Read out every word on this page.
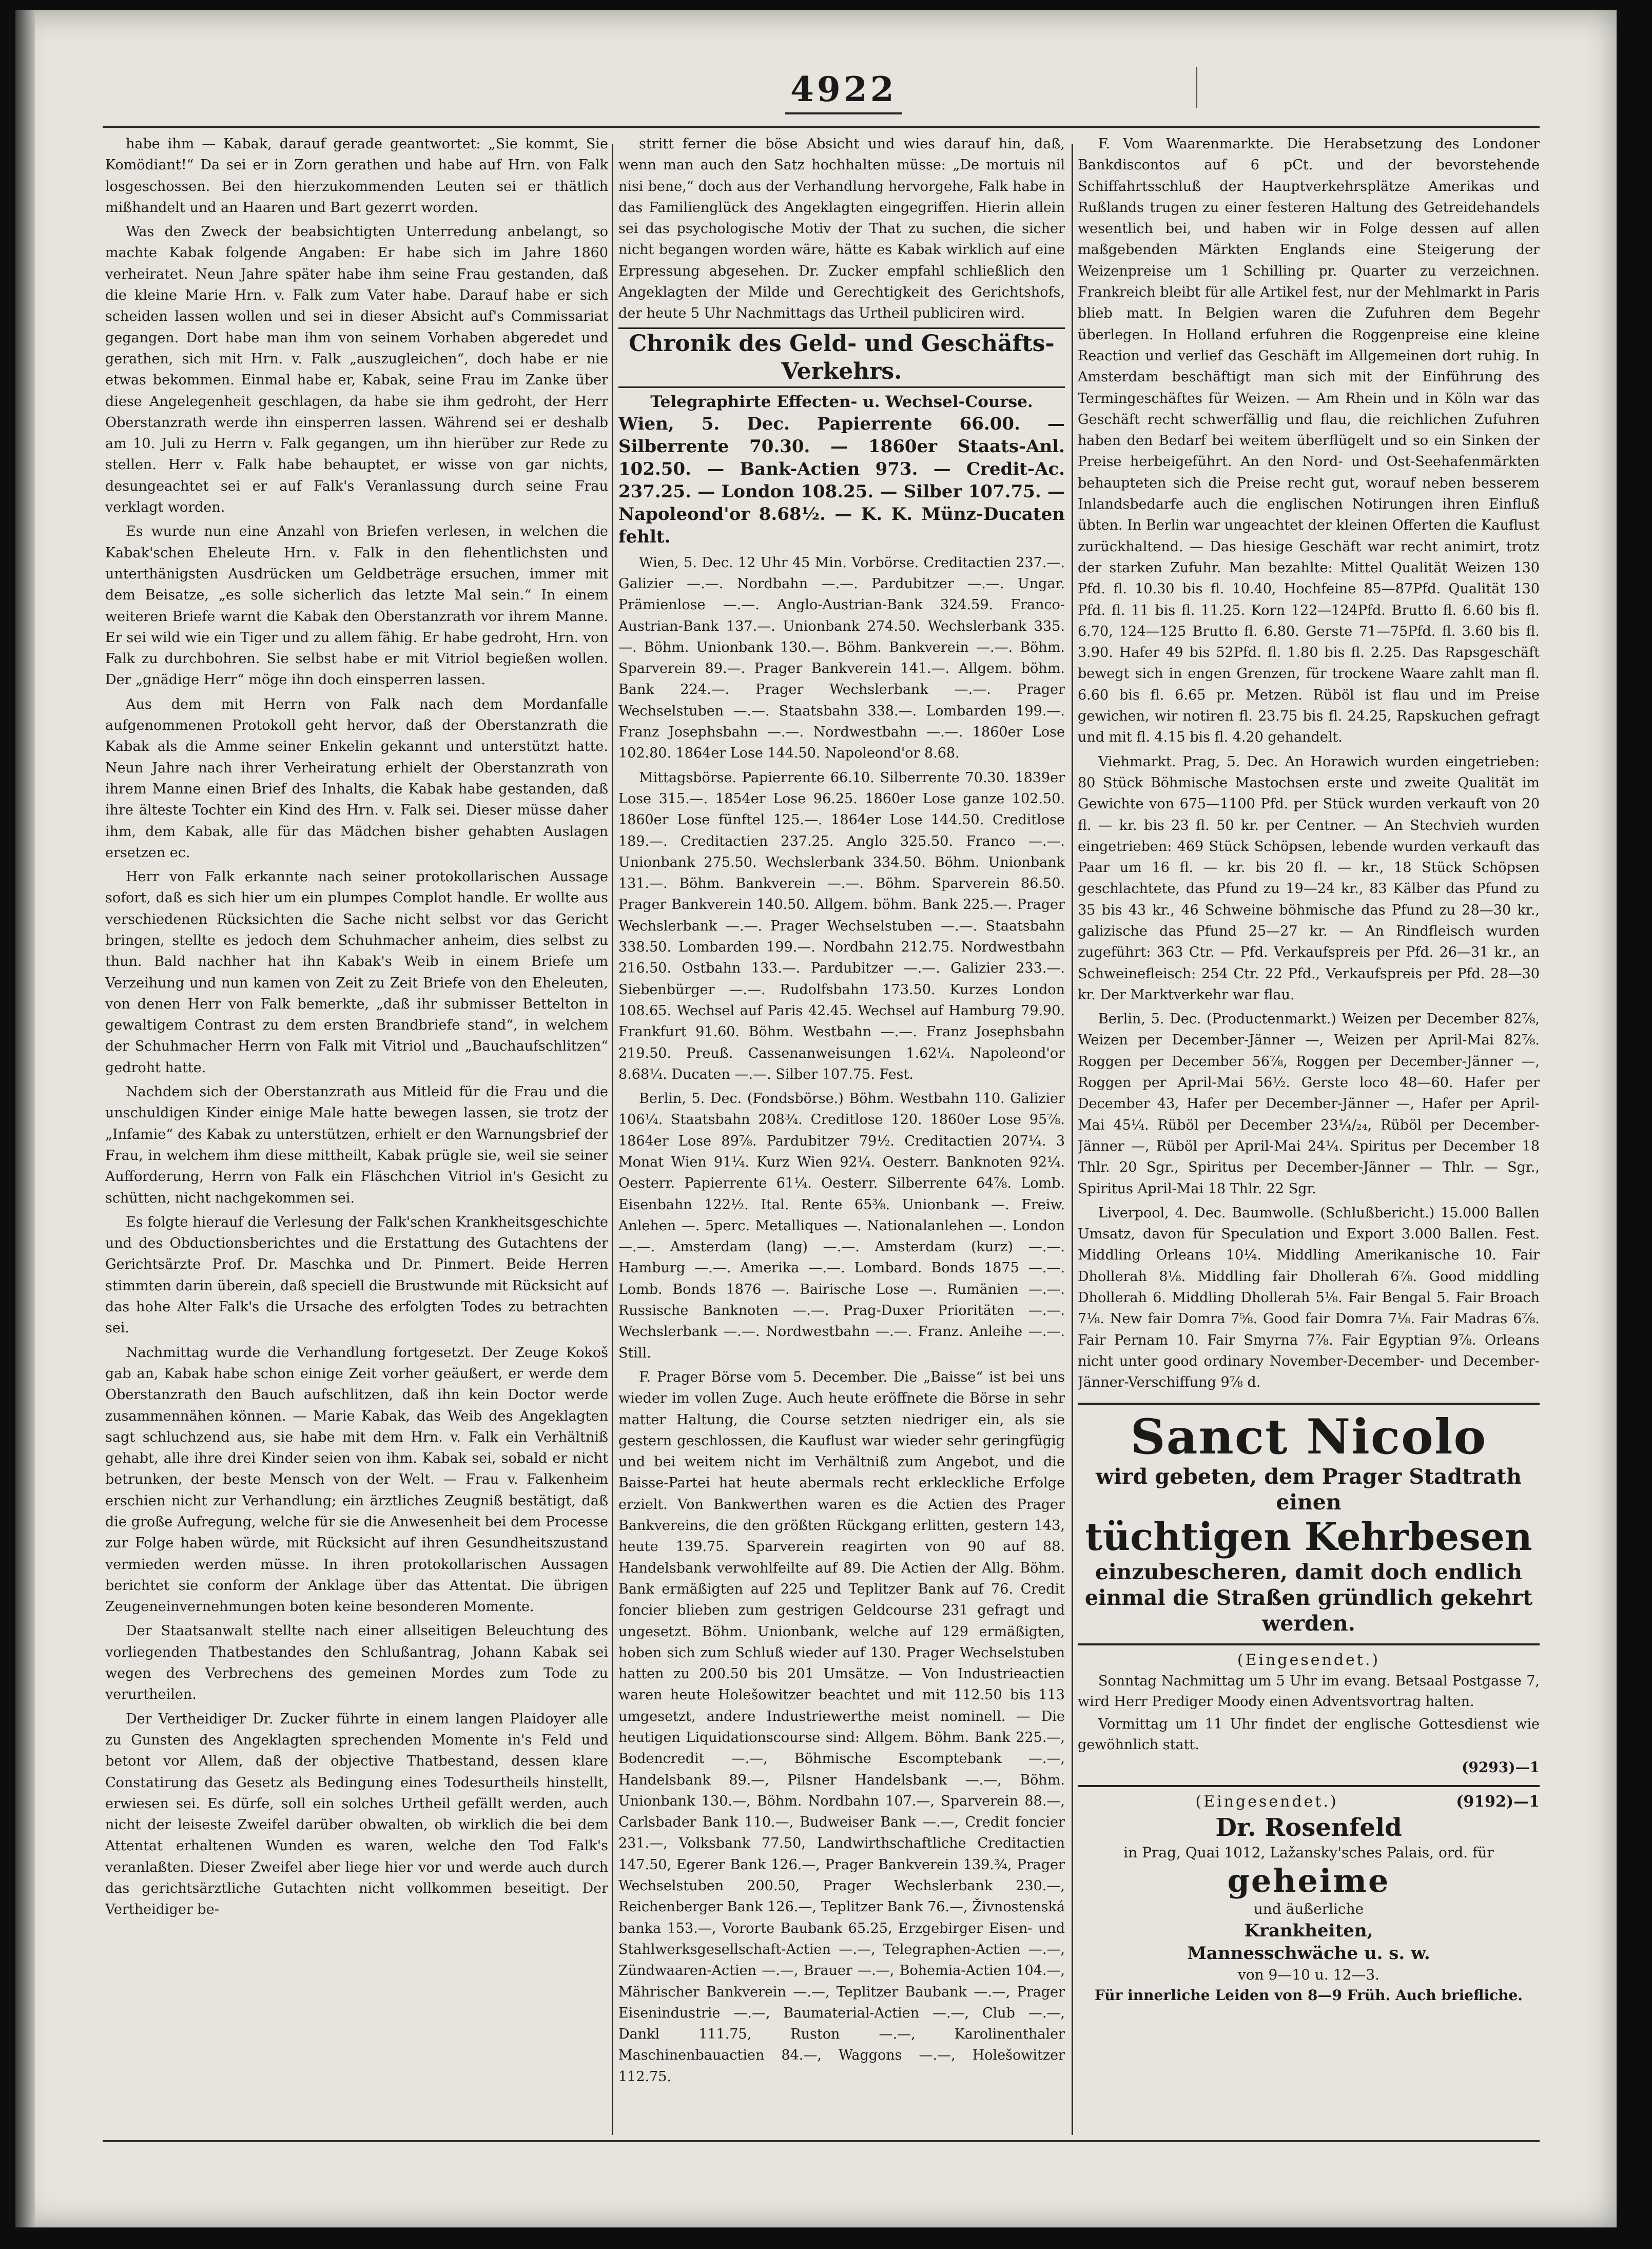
4922

habe ihm — Kabak, darauf gerade geantwortet: „Sie kommt, Sie Komödiant!“ Da sei er in Zorn gerathen und habe auf Hrn. von Falk losgeschossen. Bei den hierzukommenden Leuten sei er thätlich mißhandelt und an Haaren und Bart gezerrt worden.

Was den Zweck der beabsichtigten Unterredung anbelangt, so machte Kabak folgende Angaben: Er habe sich im Jahre 1860 verheiratet. Neun Jahre später habe ihm seine Frau gestanden, daß die kleine Marie Hrn. v. Falk zum Vater habe. Darauf habe er sich scheiden lassen wollen und sei in dieser Absicht auf's Commissariat gegangen. Dort habe man ihm von seinem Vorhaben abgeredet und gerathen, sich mit Hrn. v. Falk „auszugleichen“, doch habe er nie etwas bekommen. Einmal habe er, Kabak, seine Frau im Zanke über diese Angelegenheit geschlagen, da habe sie ihm gedroht, der Herr Oberstanzrath werde ihn einsperren lassen. Während sei er deshalb am 10. Juli zu Herrn v. Falk gegangen, um ihn hierüber zur Rede zu stellen. Herr v. Falk habe behauptet, er wisse von gar nichts, desungeachtet sei er auf Falk's Veranlassung durch seine Frau verklagt worden.

Es wurde nun eine Anzahl von Briefen verlesen, in welchen die Kabak'schen Eheleute Hrn. v. Falk in den flehentlichsten und unterthänigsten Ausdrücken um Geldbeträge ersuchen, immer mit dem Beisatze, „es solle sicherlich das letzte Mal sein.“ In einem weiteren Briefe warnt die Kabak den Oberstanzrath vor ihrem Manne. Er sei wild wie ein Tiger und zu allem fähig. Er habe gedroht, Hrn. von Falk zu durchbohren. Sie selbst habe er mit Vitriol begießen wollen. Der „gnädige Herr“ möge ihn doch einsperren lassen.

Aus dem mit Herrn von Falk nach dem Mordanfalle aufgenommenen Protokoll geht hervor, daß der Oberstanzrath die Kabak als die Amme seiner Enkelin gekannt und unterstützt hatte. Neun Jahre nach ihrer Verheiratung erhielt der Oberstanzrath von ihrem Manne einen Brief des Inhalts, die Kabak habe gestanden, daß ihre älteste Tochter ein Kind des Hrn. v. Falk sei. Dieser müsse daher ihm, dem Kabak, alle für das Mädchen bisher gehabten Auslagen ersetzen ec.

Herr von Falk erkannte nach seiner protokollarischen Aussage sofort, daß es sich hier um ein plumpes Complot handle. Er wollte aus verschiedenen Rücksichten die Sache nicht selbst vor das Gericht bringen, stellte es jedoch dem Schuhmacher anheim, dies selbst zu thun. Bald nachher hat ihn Kabak's Weib in einem Briefe um Verzeihung und nun kamen von Zeit zu Zeit Briefe von den Eheleuten, von denen Herr von Falk bemerkte, „daß ihr submisser Bettelton in gewaltigem Contrast zu dem ersten Brandbriefe stand“, in welchem der Schuhmacher Herrn von Falk mit Vitriol und „Bauchaufschlitzen“ gedroht hatte.

Nachdem sich der Oberstanzrath aus Mitleid für die Frau und die unschuldigen Kinder einige Male hatte bewegen lassen, sie trotz der „Infamie“ des Kabak zu unterstützen, erhielt er den Warnungsbrief der Frau, in welchem ihm diese mittheilt, Kabak prügle sie, weil sie seiner Aufforderung, Herrn von Falk ein Fläschchen Vitriol in's Gesicht zu schütten, nicht nachgekommen sei.

Es folgte hierauf die Verlesung der Falk'schen Krankheitsgeschichte und des Obductionsberichtes und die Erstattung des Gutachtens der Gerichtsärzte Prof. Dr. Maschka und Dr. Pinmert. Beide Herren stimmten darin überein, daß speciell die Brustwunde mit Rücksicht auf das hohe Alter Falk's die Ursache des erfolgten Todes zu betrachten sei.

Nachmittag wurde die Verhandlung fortgesetzt. Der Zeuge Kokoš gab an, Kabak habe schon einige Zeit vorher geäußert, er werde dem Oberstanzrath den Bauch aufschlitzen, daß ihn kein Doctor werde zusammennähen können. — Marie Kabak, das Weib des Angeklagten sagt schluchzend aus, sie habe mit dem Hrn. v. Falk ein Verhältniß gehabt, alle ihre drei Kinder seien von ihm. Kabak sei, sobald er nicht betrunken, der beste Mensch von der Welt. — Frau v. Falkenheim erschien nicht zur Verhandlung; ein ärztliches Zeugniß bestätigt, daß die große Aufregung, welche für sie die Anwesenheit bei dem Processe zur Folge haben würde, mit Rücksicht auf ihren Gesundheitszustand vermieden werden müsse. In ihren protokollarischen Aussagen berichtet sie conform der Anklage über das Attentat. Die übrigen Zeugeneinvernehmungen boten keine besonderen Momente.

Der Staatsanwalt stellte nach einer allseitigen Beleuchtung des vorliegenden Thatbestandes den Schlußantrag, Johann Kabak sei wegen des Verbrechens des gemeinen Mordes zum Tode zu verurtheilen.

Der Vertheidiger Dr. Zucker führte in einem langen Plaidoyer alle zu Gunsten des Angeklagten sprechenden Momente in's Feld und betont vor Allem, daß der objective Thatbestand, dessen klare Constatirung das Gesetz als Bedingung eines Todesurtheils hinstellt, erwiesen sei. Es dürfe, soll ein solches Urtheil gefällt werden, auch nicht der leiseste Zweifel darüber obwalten, ob wirklich die bei dem Attentat erhaltenen Wunden es waren, welche den Tod Falk's veranlaßten. Dieser Zweifel aber liege hier vor und werde auch durch das gerichtsärztliche Gutachten nicht vollkommen beseitigt. Der Vertheidiger be-

stritt ferner die böse Absicht und wies darauf hin, daß, wenn man auch den Satz hochhalten müsse: „De mortuis nil nisi bene,“ doch aus der Verhandlung hervorgehe, Falk habe in das Familienglück des Angeklagten eingegriffen. Hierin allein sei das psychologische Motiv der That zu suchen, die sicher nicht begangen worden wäre, hätte es Kabak wirklich auf eine Erpressung abgesehen. Dr. Zucker empfahl schließlich den Angeklagten der Milde und Gerechtigkeit des Gerichtshofs, der heute 5 Uhr Nachmittags das Urtheil publiciren wird.

Chronik des Geld- und Geschäfts-Verkehrs.
Telegraphirte Effecten- u. Wechsel-Course.
Wien, 5. Dec. Papierrente 66.00. — Silberrente 70.30. — 1860er Staats-Anl. 102.50. — Bank-Actien 973. — Credit-Ac. 237.25. — London 108.25. — Silber 107.75. — Napoleond'or 8.68½. — K. K. Münz-Ducaten fehlt.

Wien, 5. Dec. 12 Uhr 45 Min. Vorbörse. Creditactien 237.—. Galizier —.—. Nordbahn —.—. Pardubitzer —.—. Ungar. Prämienlose —.—. Anglo-Austrian-Bank 324.59. Franco-Austrian-Bank 137.—. Unionbank 274.50. Wechslerbank 335.—. Böhm. Unionbank 130.—. Böhm. Bankverein —.—. Böhm. Sparverein 89.—. Prager Bankverein 141.—. Allgem. böhm. Bank 224.—. Prager Wechslerbank —.—. Prager Wechselstuben —.—. Staatsbahn 338.—. Lombarden 199.—. Franz Josephsbahn —.—. Nordwestbahn —.—. 1860er Lose 102.80. 1864er Lose 144.50. Napoleond'or 8.68.

Mittagsbörse. Papierrente 66.10. Silberrente 70.30. 1839er Lose 315.—. 1854er Lose 96.25. 1860er Lose ganze 102.50. 1860er Lose fünftel 125.—. 1864er Lose 144.50. Creditlose 189.—. Creditactien 237.25. Anglo 325.50. Franco —.—. Unionbank 275.50. Wechslerbank 334.50. Böhm. Unionbank 131.—. Böhm. Bankverein —.—. Böhm. Sparverein 86.50. Prager Bankverein 140.50. Allgem. böhm. Bank 225.—. Prager Wechslerbank —.—. Prager Wechselstuben —.—. Staatsbahn 338.50. Lombarden 199.—. Nordbahn 212.75. Nordwestbahn 216.50. Ostbahn 133.—. Pardubitzer —.—. Galizier 233.—. Siebenbürger —.—. Rudolfsbahn 173.50. Kurzes London 108.65. Wechsel auf Paris 42.45. Wechsel auf Hamburg 79.90. Frankfurt 91.60. Böhm. Westbahn —.—. Franz Josephsbahn 219.50. Preuß. Cassenanweisungen 1.62¼. Napoleond'or 8.68¼. Ducaten —.—. Silber 107.75. Fest.

Berlin, 5. Dec. (Fondsbörse.) Böhm. Westbahn 110. Galizier 106¼. Staatsbahn 208¾. Creditlose 120. 1860er Lose 95⅞. 1864er Lose 89⅞. Pardubitzer 79½. Creditactien 207¼. 3 Monat Wien 91¼. Kurz Wien 92¼. Oesterr. Banknoten 92¼. Oesterr. Papierrente 61¼. Oesterr. Silberrente 64⅞. Lomb. Eisenbahn 122½. Ital. Rente 65⅜. Unionbank —. Freiw. Anlehen —. 5perc. Metalliques —. Nationalanlehen —. London —.—. Amsterdam (lang) —.—. Amsterdam (kurz) —.—. Hamburg —.—. Amerika —.—. Lombard. Bonds 1875 —.—. Lomb. Bonds 1876 —. Bairische Lose —. Rumänien —.—. Russische Banknoten —.—. Prag-Duxer Prioritäten —.—. Wechslerbank —.—. Nordwestbahn —.—. Franz. Anleihe —.—. Still.

F. Prager Börse vom 5. December. Die „Baisse“ ist bei uns wieder im vollen Zuge. Auch heute eröffnete die Börse in sehr matter Haltung, die Course setzten niedriger ein, als sie gestern geschlossen, die Kauflust war wieder sehr geringfügig und bei weitem nicht im Verhältniß zum Angebot, und die Baisse-Partei hat heute abermals recht erkleckliche Erfolge erzielt. Von Bankwerthen waren es die Actien des Prager Bankvereins, die den größten Rückgang erlitten, gestern 143, heute 139.75. Sparverein reagirten von 90 auf 88. Handelsbank verwohlfeilte auf 89. Die Actien der Allg. Böhm. Bank ermäßigten auf 225 und Teplitzer Bank auf 76. Credit foncier blieben zum gestrigen Geldcourse 231 gefragt und ungesetzt. Böhm. Unionbank, welche auf 129 ermäßigten, hoben sich zum Schluß wieder auf 130. Prager Wechselstuben hatten zu 200.50 bis 201 Umsätze. — Von Industrieactien waren heute Holešowitzer beachtet und mit 112.50 bis 113 umgesetzt, andere Industriewerthe meist nominell. — Die heutigen Liquidationscourse sind: Allgem. Böhm. Bank 225.—, Bodencredit —.—, Böhmische Escomptebank —.—, Handelsbank 89.—, Pilsner Handelsbank —.—, Böhm. Unionbank 130.—, Böhm. Nordbahn 107.—, Sparverein 88.—, Carlsbader Bank 110.—, Budweiser Bank —.—, Credit foncier 231.—, Volksbank 77.50, Landwirthschaftliche Creditactien 147.50, Egerer Bank 126.—, Prager Bankverein 139.¾, Prager Wechselstuben 200.50, Prager Wechslerbank 230.—, Reichenberger Bank 126.—, Teplitzer Bank 76.—, Živnostenská banka 153.—, Vororte Baubank 65.25, Erzgebirger Eisen- und Stahlwerksgesellschaft-Actien —.—, Telegraphen-Actien —.—, Zündwaaren-Actien —.—, Brauer —.—, Bohemia-Actien 104.—, Mährischer Bankverein —.—, Teplitzer Baubank —.—, Prager Eisenindustrie —.—, Baumaterial-Actien —.—, Club —.—, Dankl 111.75, Ruston —.—, Karolinenthaler Maschinenbauactien 84.—, Waggons —.—, Holešowitzer 112.75.

F. Vom Waarenmarkte. Die Herabsetzung des Londoner Bankdiscontos auf 6 pCt. und der bevorstehende Schiffahrtsschluß der Hauptverkehrsplätze Amerikas und Rußlands trugen zu einer festeren Haltung des Getreidehandels wesentlich bei, und haben wir in Folge dessen auf allen maßgebenden Märkten Englands eine Steigerung der Weizenpreise um 1 Schilling pr. Quarter zu verzeichnen. Frankreich bleibt für alle Artikel fest, nur der Mehlmarkt in Paris blieb matt. In Belgien waren die Zufuhren dem Begehr überlegen. In Holland erfuhren die Roggenpreise eine kleine Reaction und verlief das Geschäft im Allgemeinen dort ruhig. In Amsterdam beschäftigt man sich mit der Einführung des Termingeschäftes für Weizen. — Am Rhein und in Köln war das Geschäft recht schwerfällig und flau, die reichlichen Zufuhren haben den Bedarf bei weitem überflügelt und so ein Sinken der Preise herbeigeführt. An den Nord- und Ost-Seehafenmärkten behaupteten sich die Preise recht gut, worauf neben besserem Inlandsbedarfe auch die englischen Notirungen ihren Einfluß übten. In Berlin war ungeachtet der kleinen Offerten die Kauflust zurückhaltend. — Das hiesige Geschäft war recht animirt, trotz der starken Zufuhr. Man bezahlte: Mittel Qualität Weizen 130 Pfd. fl. 10.30 bis fl. 10.40, Hochfeine 85—87Pfd. Qualität 130 Pfd. fl. 11 bis fl. 11.25. Korn 122—124Pfd. Brutto fl. 6.60 bis fl. 6.70, 124—125 Brutto fl. 6.80. Gerste 71—75Pfd. fl. 3.60 bis fl. 3.90. Hafer 49 bis 52Pfd. fl. 1.80 bis fl. 2.25. Das Rapsgeschäft bewegt sich in engen Grenzen, für trockene Waare zahlt man fl. 6.60 bis fl. 6.65 pr. Metzen. Rüböl ist flau und im Preise gewichen, wir notiren fl. 23.75 bis fl. 24.25, Rapskuchen gefragt und mit fl. 4.15 bis fl. 4.20 gehandelt.

Viehmarkt. Prag, 5. Dec. An Horawich wurden eingetrieben: 80 Stück Böhmische Mastochsen erste und zweite Qualität im Gewichte von 675—1100 Pfd. per Stück wurden verkauft von 20 fl. — kr. bis 23 fl. 50 kr. per Centner. — An Stechvieh wurden eingetrieben: 469 Stück Schöpsen, lebende wurden verkauft das Paar um 16 fl. — kr. bis 20 fl. — kr., 18 Stück Schöpsen geschlachtete, das Pfund zu 19—24 kr., 83 Kälber das Pfund zu 35 bis 43 kr., 46 Schweine böhmische das Pfund zu 28—30 kr., galizische das Pfund 25—27 kr. — An Rindfleisch wurden zugeführt: 363 Ctr. — Pfd. Verkaufspreis per Pfd. 26—31 kr., an Schweinefleisch: 254 Ctr. 22 Pfd., Verkaufspreis per Pfd. 28—30 kr. Der Marktverkehr war flau.

Berlin, 5. Dec. (Productenmarkt.) Weizen per December 82⅞, Weizen per December-Jänner —, Weizen per April-Mai 82⅞. Roggen per December 56⅞, Roggen per December-Jänner —, Roggen per April-Mai 56½. Gerste loco 48—60. Hafer per December 43, Hafer per December-Jänner —, Hafer per April-Mai 45¼. Rüböl per December 23¼/₂₄, Rüböl per December-Jänner —, Rüböl per April-Mai 24¼. Spiritus per December 18 Thlr. 20 Sgr., Spiritus per December-Jänner — Thlr. — Sgr., Spiritus April-Mai 18 Thlr. 22 Sgr.

Liverpool, 4. Dec. Baumwolle. (Schlußbericht.) 15.000 Ballen Umsatz, davon für Speculation und Export 3.000 Ballen. Fest. Middling Orleans 10¼. Middling Amerikanische 10. Fair Dhollerah 8⅛. Middling fair Dhollerah 6⅞. Good middling Dhollerah 6. Middling Dhollerah 5⅛. Fair Bengal 5. Fair Broach 7⅛. New fair Domra 7⅝. Good fair Domra 7⅛. Fair Madras 6⅞. Fair Pernam 10. Fair Smyrna 7⅞. Fair Egyptian 9⅞. Orleans nicht unter good ordinary November-December- und December-Jänner-Verschiffung 9⅞ d.

Sanct Nicolo
wird gebeten, dem Prager Stadtrath
einen
tüchtigen Kehrbesen
einzubescheren, damit doch endlich
einmal die Straßen gründlich gekehrt
werden.
(Eingesendet.)
Sonntag Nachmittag um 5 Uhr im evang. Betsaal Postgasse 7, wird Herr Prediger Moody einen Adventsvortrag halten.
Vormittag um 11 Uhr findet der englische Gottesdienst wie gewöhnlich statt.
(9293)—1
(Eingesendet.)	(9192)—1
Dr. Rosenfeld
in Prag, Quai 1012, Lažansky'sches Palais, ord. für
geheime
und äußerliche
Krankheiten,
Mannesschwäche u. s. w.
von 9—10 u. 12—3.
Für innerliche Leiden von 8—9 Früh. Auch briefliche.
